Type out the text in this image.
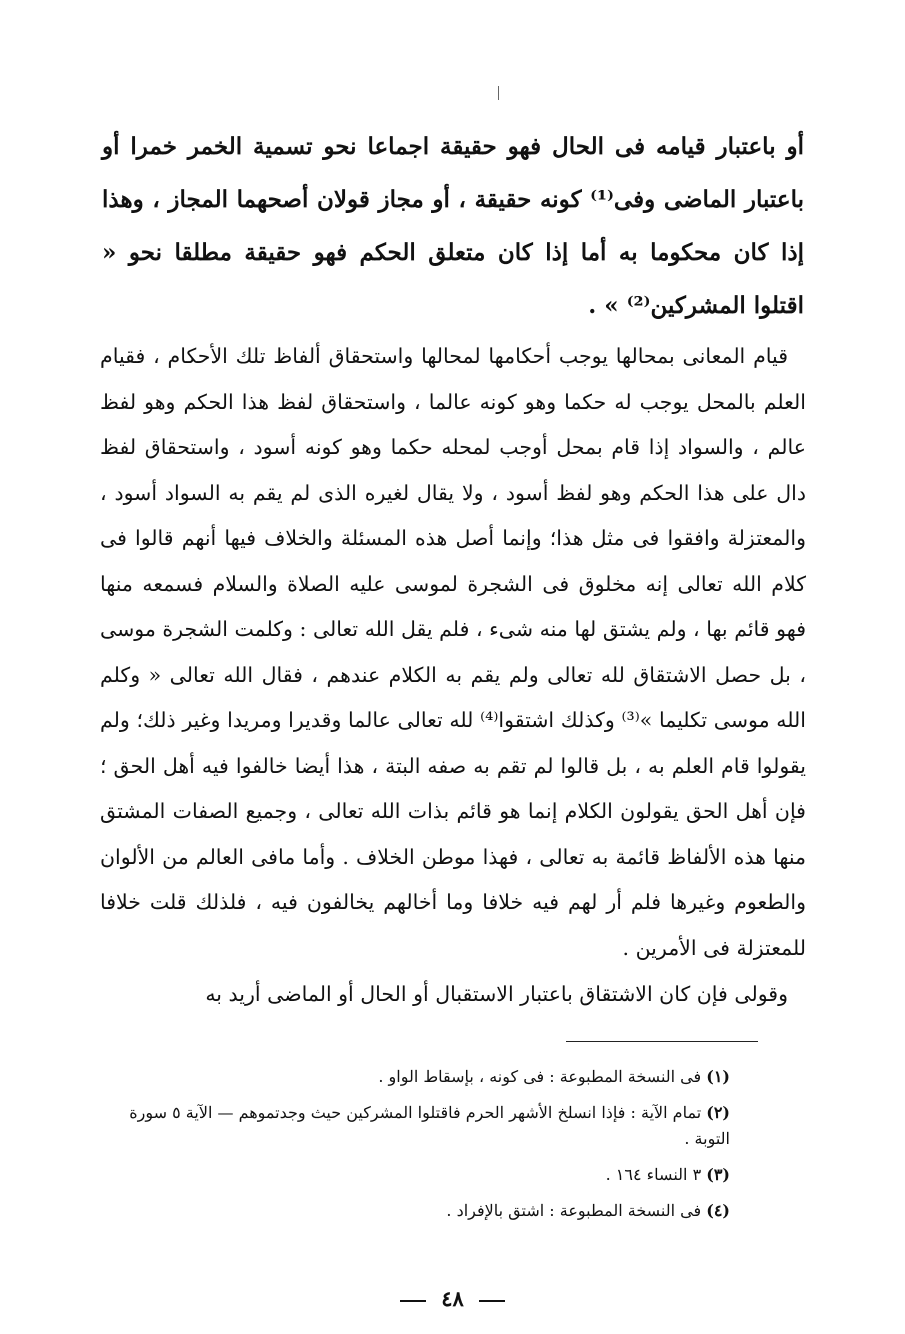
أو باعتبار قيامه فى الحال فهو حقيقة اجماعا نحو تسمية الخمر خمرا أو باعتبار الماضى وفى⁽¹⁾ كونه حقيقة ، أو مجاز قولان أصحهما المجاز ، وهذا إذا كان محكوما به أما إذا كان متعلق الحكم فهو حقيقة مطلقا نحو « اقتلوا المشركين⁽²⁾ » .

قيام المعانى بمحالها يوجب أحكامها لمحالها واستحقاق ألفاظ تلك الأحكام ، فقيام العلم بالمحل يوجب له حكما وهو كونه عالما ، واستحقاق لفظ هذا الحكم وهو لفظ عالم ، والسواد إذا قام بمحل أوجب لمحله حكما وهو كونه أسود ، واستحقاق لفظ دال على هذا الحكم وهو لفظ أسود ، ولا يقال لغيره الذى لم يقم به السواد أسود ، والمعتزلة وافقوا فى مثل هذا؛ وإنما أصل هذه المسئلة والخلاف فيها أنهم قالوا فى كلام الله تعالى إنه مخلوق فى الشجرة لموسى عليه الصلاة والسلام فسمعه منها فهو قائم بها ، ولم يشتق لها منه شىء ، فلم يقل الله تعالى : وكلمت الشجرة موسى ، بل حصل الاشتقاق لله تعالى ولم يقم به الكلام عندهم ، فقال الله تعالى « وكلم الله موسى تكليما »⁽³⁾ وكذلك اشتقوا⁽⁴⁾ لله تعالى عالما وقديرا ومريدا وغير ذلك؛ ولم يقولوا قام العلم به ، بل قالوا لم تقم به صفه البتة ، هذا أيضا خالفوا فيه أهل الحق ؛ فإن أهل الحق يقولون الكلام إنما هو قائم بذات الله تعالى ، وجميع الصفات المشتق منها هذه الألفاظ قائمة به تعالى ، فهذا موطن الخلاف . وأما مافى العالم من الألوان والطعوم وغيرها فلم أر لهم فيه خلافا وما أخالهم يخالفون فيه ، فلذلك قلت خلافا للمعتزلة فى الأمرين .

وقولى فإن كان الاشتقاق باعتبار الاستقبال أو الحال أو الماضى أريد به
(١) فى النسخة المطبوعة : فى كونه ، بإسقاط الواو .
(٢) تمام الآية : فإذا انسلخ الأشهر الحرم فاقتلوا المشركين حيث وجدتموهم — الآية ٥ سورة التوبة .
(٣) ٣ النساء ١٦٤ .
(٤) فى النسخة المطبوعة : اشتق بالإفراد .
٤٨
